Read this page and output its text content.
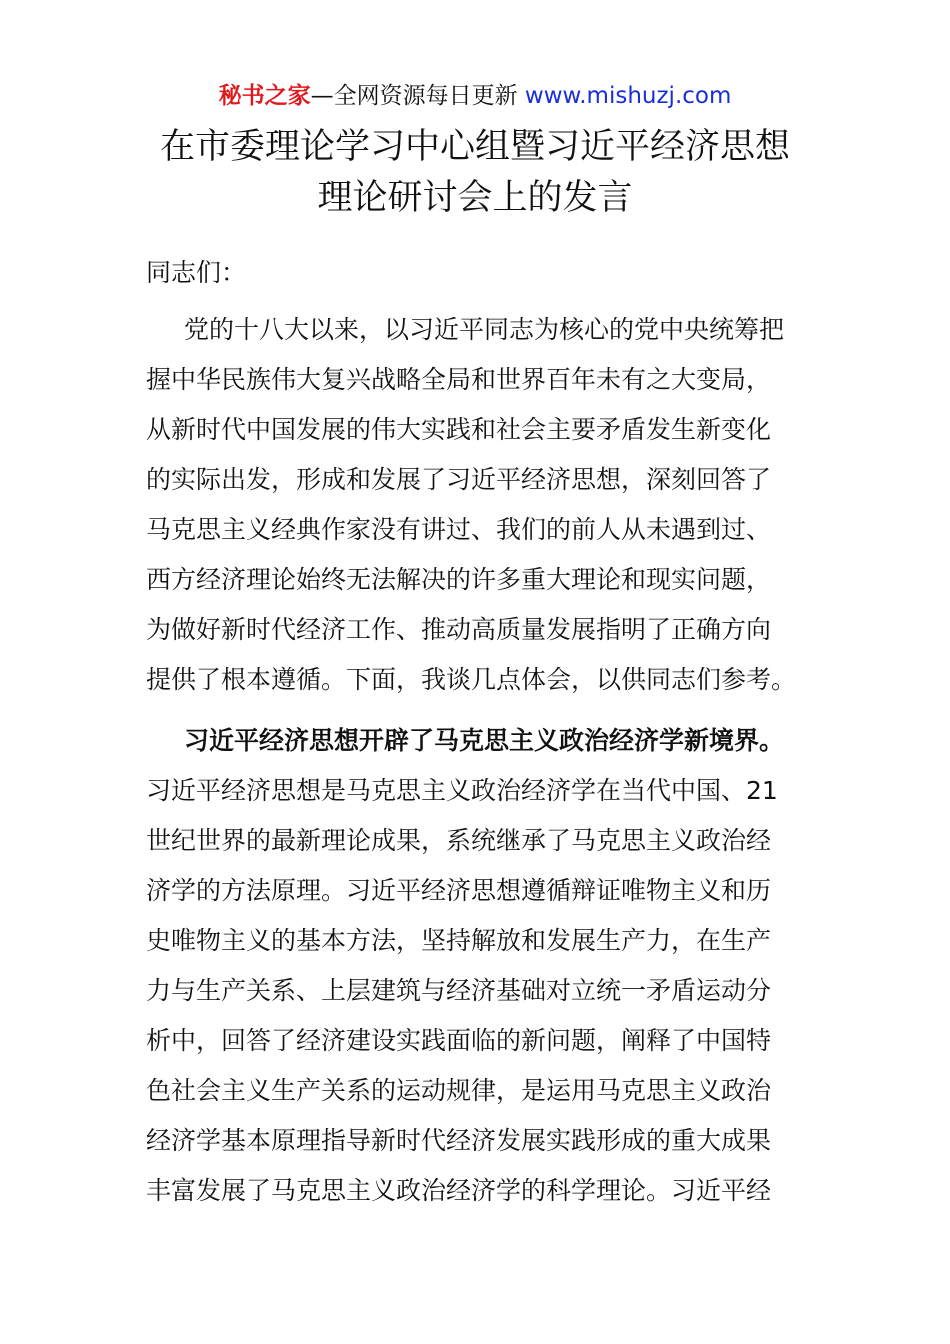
秘书之家—全网资源每日更新 www.mishuzj.com
在市委理论学习中心组暨习近平经济思想
理论研讨会上的发言
同志们：
党的十八大以来，以习近平同志为核心的党中央统筹把
握中华民族伟大复兴战略全局和世界百年未有之大变局，
从新时代中国发展的伟大实践和社会主要矛盾发生新变化
的实际出发，形成和发展了习近平经济思想，深刻回答了
马克思主义经典作家没有讲过、我们的前人从未遇到过、
西方经济理论始终无法解决的许多重大理论和现实问题，
为做好新时代经济工作、推动高质量发展指明了正确方向
提供了根本遵循。下面，我谈几点体会，以供同志们参考。
习近平经济思想开辟了马克思主义政治经济学新境界。
习近平经济思想是马克思主义政治经济学在当代中国、21
世纪世界的最新理论成果，系统继承了马克思主义政治经
济学的方法原理。习近平经济思想遵循辩证唯物主义和历
史唯物主义的基本方法，坚持解放和发展生产力，在生产
力与生产关系、上层建筑与经济基础对立统一矛盾运动分
析中，回答了经济建设实践面临的新问题，阐释了中国特
色社会主义生产关系的运动规律，是运用马克思主义政治
经济学基本原理指导新时代经济发展实践形成的重大成果
丰富发展了马克思主义政治经济学的科学理论。习近平经
